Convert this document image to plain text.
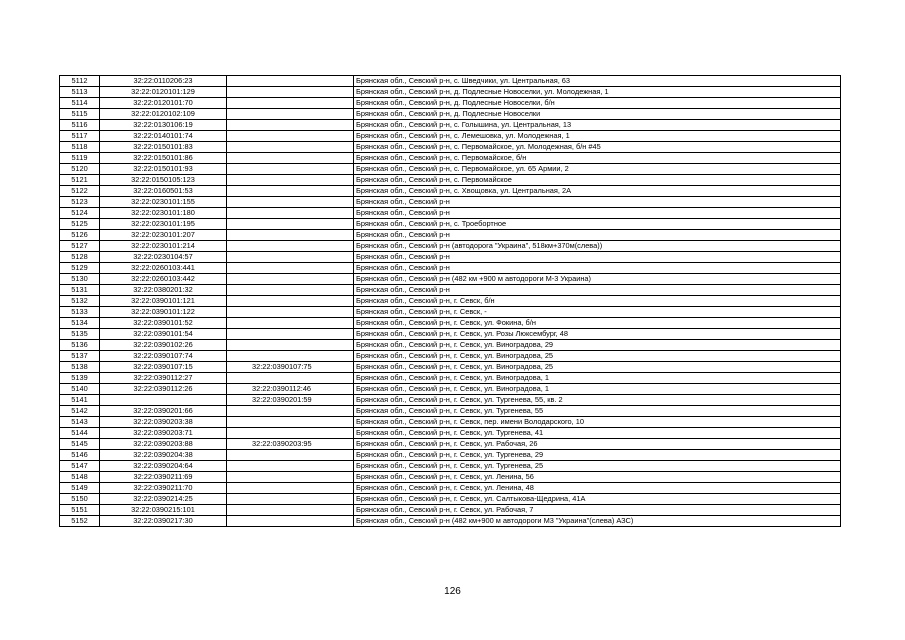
5112	32:22:0110206:23		Брянская обл., Севский р-н, с. Шведчики, ул. Центральная, 63
5113	32:22:0120101:129		Брянская обл., Севский р-н, д. Подлесные Новоселки, ул. Молодежная, 1
5114	32:22:0120101:70		Брянская обл., Севский р-н, д. Подлесные Новоселки, б/н
5115	32:22:0120102:109		Брянская обл., Севский р-н, д. Подлесные Новоселки
5116	32:22:0130106:19		Брянская обл., Севский р-н, с. Голышина, ул. Центральная, 13
5117	32:22:0140101:74		Брянская обл., Севский р-н, с. Лемешовка, ул. Молодежная, 1
5118	32:22:0150101:83		Брянская обл., Севский р-н, с. Первомайское, ул. Молодежная, б/н #45
5119	32:22:0150101:86		Брянская обл., Севский р-н, с. Первомайское, б/н
5120	32:22:0150101:93		Брянская обл., Севский р-н, с. Первомайское, ул. 65 Армии, 2
5121	32:22:0150105:123		Брянская обл., Севский р-н, с. Первомайское
5122	32:22:0160501:53		Брянская обл., Севский р-н, с. Хвощовка, ул. Центральная, 2А
5123	32:22:0230101:155		Брянская обл., Севский р-н
5124	32:22:0230101:180		Брянская обл., Севский р-н
5125	32:22:0230101:195		Брянская обл., Севский р-н, с. Троебортное
5126	32:22:0230101:207		Брянская обл., Севский р-н
5127	32:22:0230101:214		Брянская обл., Севский р-н (автодорога "Украина", 518км+370м(слева))
5128	32:22:0230104:57		Брянская обл., Севский р-н
5129	32:22:0260103:441		Брянская обл., Севский р-н
5130	32:22:0260103:442		Брянская обл., Севский р-н (482 км +900 м автодороги М-3 Украина)
5131	32:22:0380201:32		Брянская обл., Севский р-н
5132	32:22:0390101:121		Брянская обл., Севский р-н, г. Севск, б/н
5133	32:22:0390101:122		Брянская обл., Севский р-н, г. Севск, -
5134	32:22:0390101:52		Брянская обл., Севский р-н, г. Севск, ул. Фокина, б/н
5135	32:22:0390101:54		Брянская обл., Севский р-н, г. Севск, ул. Розы Люксембург, 48
5136	32:22:0390102:26		Брянская обл., Севский р-н, г. Севск, ул. Виноградова, 29
5137	32:22:0390107:74		Брянская обл., Севский р-н, г. Севск, ул. Виноградова, 25
5138	32:22:0390107:15	32:22:0390107:75	Брянская обл., Севский р-н, г. Севск, ул. Виноградова, 25
5139	32:22:0390112:27		Брянская обл., Севский р-н, г. Севск, ул. Виноградова, 1
5140	32:22:0390112:26	32:22:0390112:46	Брянская обл., Севский р-н, г. Севск, ул. Виноградова, 1
5141		32:22:0390201:59	Брянская обл., Севский р-н, г. Севск, ул. Тургенева, 55, кв. 2
5142	32:22:0390201:66		Брянская обл., Севский р-н, г. Севск, ул. Тургенева, 55
5143	32:22:0390203:38		Брянская обл., Севский р-н, г. Севск, пер. имени Володарского, 10
5144	32:22:0390203:71		Брянская обл., Севский р-н, г. Севск, ул. Тургенева, 41
5145	32:22:0390203:88	32:22:0390203:95	Брянская обл., Севский р-н, г. Севск, ул. Рабочая, 26
5146	32:22:0390204:38		Брянская обл., Севский р-н, г. Севск, ул. Тургенева, 29
5147	32:22:0390204:64		Брянская обл., Севский р-н, г. Севск, ул. Тургенева, 25
5148	32:22:0390211:69		Брянская обл., Севский р-н, г. Севск, ул. Ленина, 56
5149	32:22:0390211:70		Брянская обл., Севский р-н, г. Севск, ул. Ленина, 48
5150	32:22:0390214:25		Брянская обл., Севский р-н, г. Севск, ул. Салтыкова-Щедрина, 41А
5151	32:22:0390215:101		Брянская обл., Севский р-н, г. Севск, ул. Рабочая, 7
5152	32:22:0390217:30		Брянская обл., Севский р-н (482 км+900 м автодороги М3 "Украина"(слева) АЗС)
126
